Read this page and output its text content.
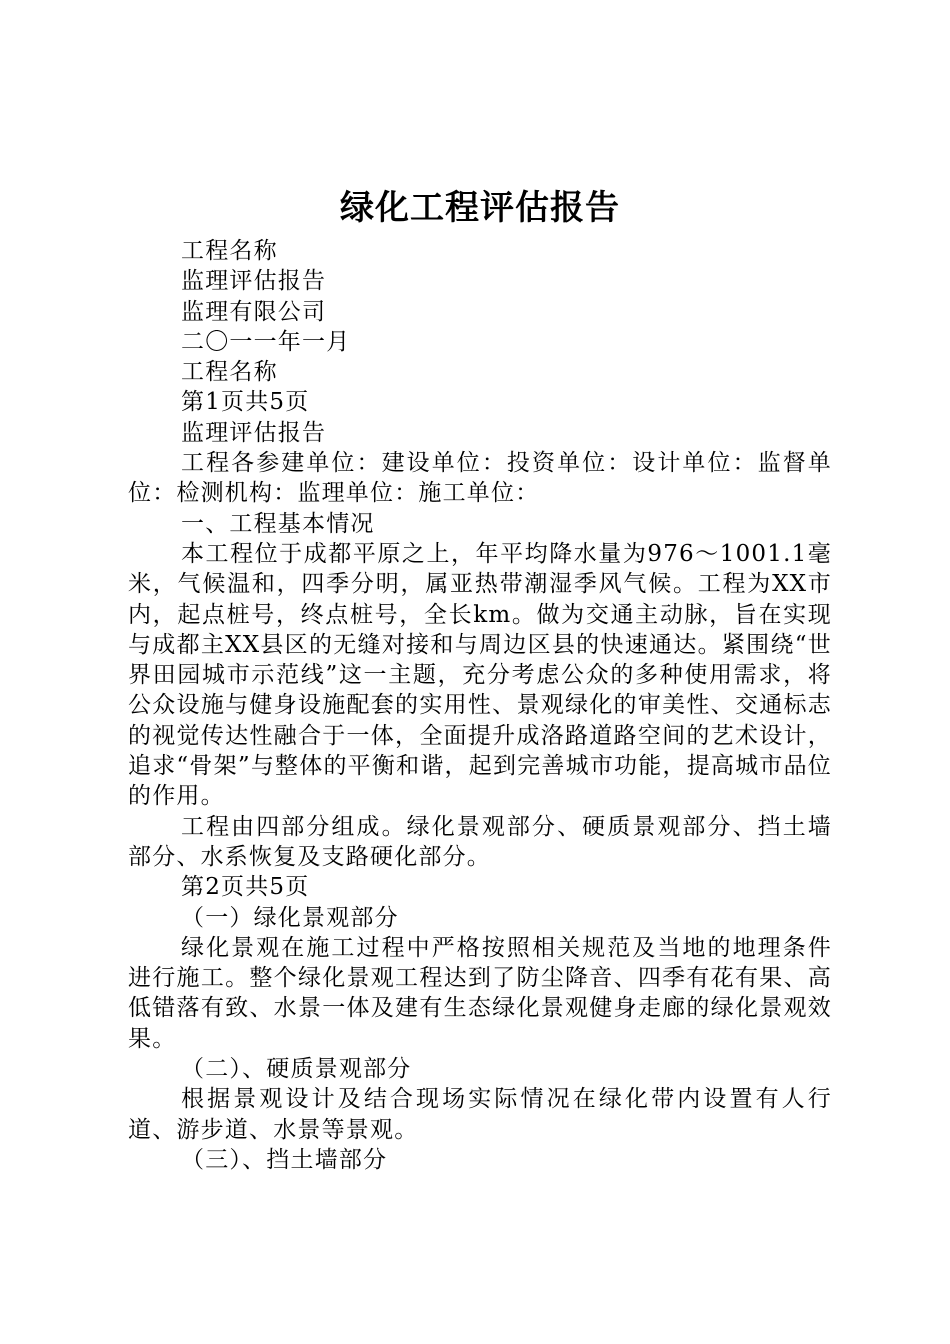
绿化工程评估报告

工程名称

监理评估报告

监理有限公司

二〇一一年一月

工程名称

第1页共5页

监理评估报告

工程各参建单位：建设单位：投资单位：设计单位：监督单位：检测机构：监理单位：施工单位：

一、工程基本情况

本工程位于成都平原之上，年平均降水量为976～1001.1毫米，气候温和，四季分明，属亚热带潮湿季风气候。工程为XX市内，起点桩号，终点桩号，全长km。做为交通主动脉，旨在实现与成都主XX县区的无缝对接和与周边区县的快速通达。紧围绕“世界田园城市示范线”这一主题，充分考虑公众的多种使用需求，将公众设施与健身设施配套的实用性、景观绿化的审美性、交通标志的视觉传达性融合于一体，全面提升成洛路道路空间的艺术设计，追求“骨架”与整体的平衡和谐，起到完善城市功能，提高城市品位的作用。

工程由四部分组成。绿化景观部分、硬质景观部分、挡土墙部分、水系恢复及支路硬化部分。

第2页共5页

（一）绿化景观部分

绿化景观在施工过程中严格按照相关规范及当地的地理条件进行施工。整个绿化景观工程达到了防尘降音、四季有花有果、高低错落有致、水景一体及建有生态绿化景观健身走廊的绿化景观效果。

（二）、硬质景观部分

根据景观设计及结合现场实际情况在绿化带内设置有人行道、游步道、水景等景观。

（三）、挡土墙部分
